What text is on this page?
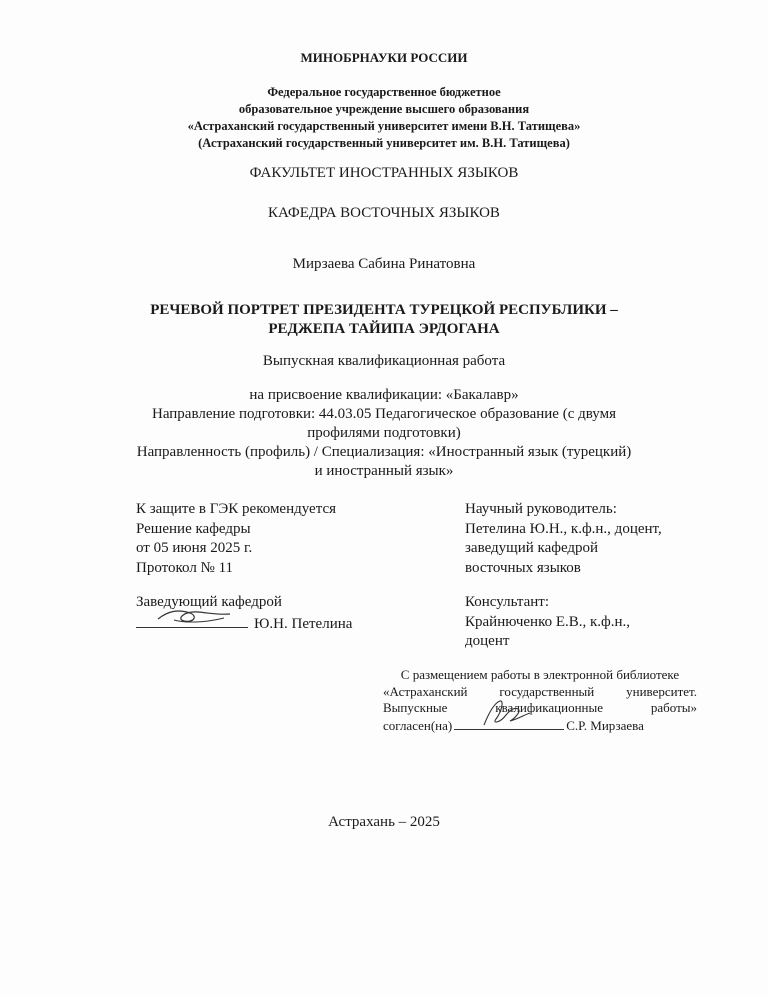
МИНОБРНАУКИ РОССИИ
Федеральное государственное бюджетное
образовательное учреждение высшего образования
«Астраханский государственный университет имени В.Н. Татищева»
(Астраханский государственный университет им. В.Н. Татищева)
ФАКУЛЬТЕТ ИНОСТРАННЫХ ЯЗЫКОВ
КАФЕДРА ВОСТОЧНЫХ ЯЗЫКОВ
Мирзаева Сабина Ринатовна
РЕЧЕВОЙ ПОРТРЕТ ПРЕЗИДЕНТА ТУРЕЦКОЙ РЕСПУБЛИКИ –
РЕДЖЕПА ТАЙИПА ЭРДОГАНА
Выпускная квалификационная работа
на присвоение квалификации: «Бакалавр»
Направление подготовки: 44.03.05 Педагогическое образование (с двумя
профилями подготовки)
Направленность (профиль) / Специализация: «Иностранный язык (турецкий)
и иностранный язык»
К защите в ГЭК рекомендуется
Решение кафедры
от 05 июня 2025 г.
Протокол № 11
Научный руководитель:
Петелина Ю.Н., к.ф.н., доцент,
заведущий кафедрой
восточных языков
Заведующий кафедрой
Ю.Н. Петелина
Консультант:
Крайнюченко Е.В., к.ф.н.,
доцент
С размещением работы в электронной библиотеке
«Астраханский государственный университет.
Выпускные квалификационные работы»
согласен(на)	С.Р. Мирзаева
Астрахань – 2025
